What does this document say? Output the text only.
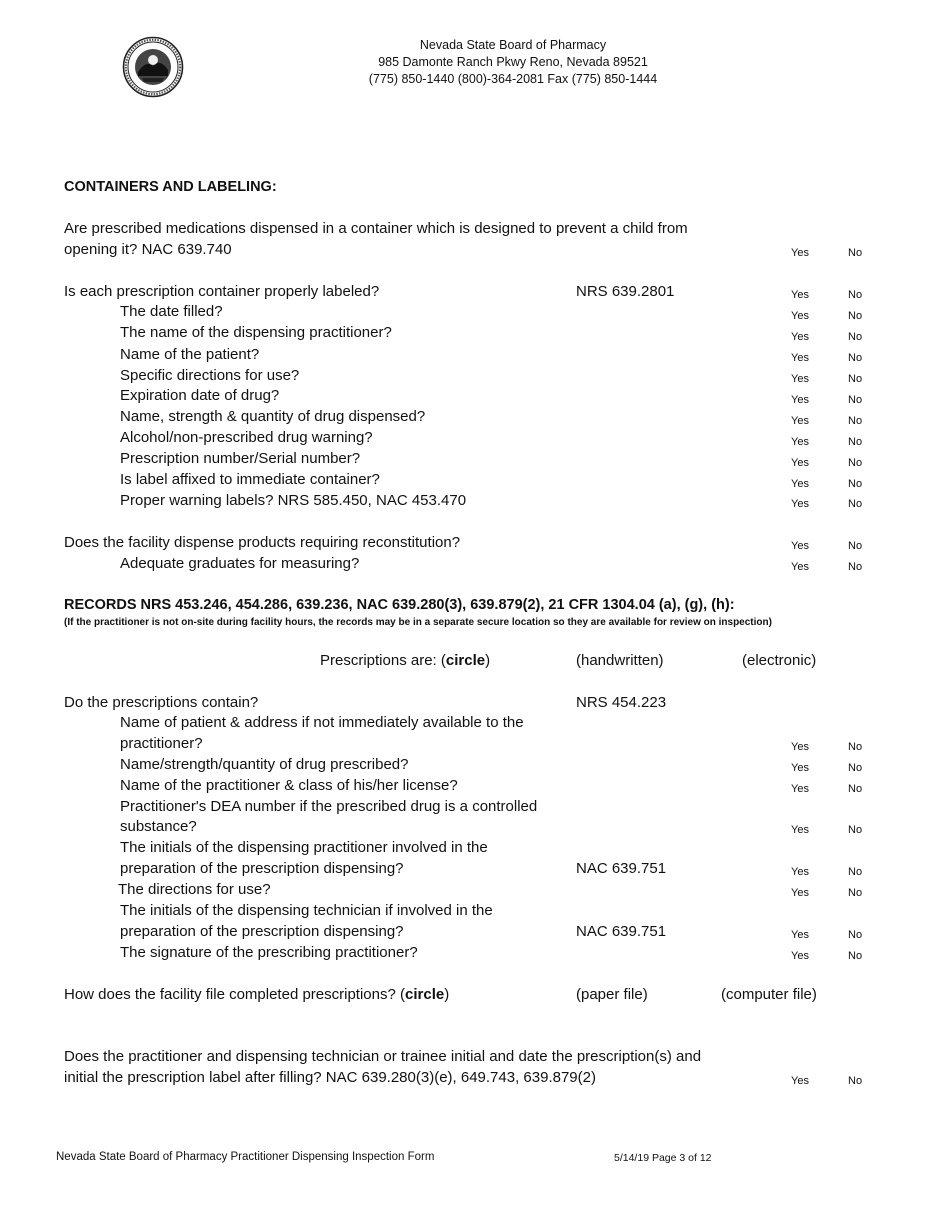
Nevada State Board of Pharmacy
985 Damonte Ranch Pkwy Reno, Nevada 89521
(775) 850-1440 (800)-364-2081 Fax (775) 850-1444
CONTAINERS AND LABELING:
Are prescribed medications dispensed in a container which is designed to prevent a child from
opening it? NAC 639.740	Yes	No
Is each prescription container properly labeled?	NRS 639.2801	Yes	No
The date filled?	Yes	No
The name of the dispensing practitioner?	Yes	No
Name of the patient?	Yes	No
Specific directions for use?	Yes	No
Expiration date of drug?	Yes	No
Name, strength & quantity of drug dispensed?	Yes	No
Alcohol/non-prescribed drug warning?	Yes	No
Prescription number/Serial number?	Yes	No
Is label affixed to immediate container?	Yes	No
Proper warning labels? NRS 585.450, NAC 453.470	Yes	No
Does the facility dispense products requiring reconstitution?	Yes	No
Adequate graduates for measuring?	Yes	No
RECORDS NRS 453.246, 454.286, 639.236, NAC 639.280(3), 639.879(2), 21 CFR 1304.04 (a), (g), (h):
(If the practitioner is not on-site during facility hours, the records may be in a separate secure location so they are available for review on inspection)
Prescriptions are: (circle)	(handwritten)	(electronic)
Do the prescriptions contain?	NRS 454.223
Name of patient & address if not immediately available to the
practitioner?	Yes	No
Name/strength/quantity of drug prescribed?	Yes	No
Name of the practitioner & class of his/her license?	Yes	No
Practitioner's DEA number if the prescribed drug is a controlled
substance?	Yes	No
The initials of the dispensing practitioner involved in the
preparation of the prescription dispensing?	NAC 639.751	Yes	No
The directions for use?	Yes	No
The initials of the dispensing technician if involved in the
preparation of the prescription dispensing?	NAC 639.751	Yes	No
The signature of the prescribing practitioner?	Yes	No
How does the facility file completed prescriptions? (circle)	(paper file)	(computer file)
Does the practitioner and dispensing technician or trainee initial and date the prescription(s) and
initial the prescription label after filling? NAC 639.280(3)(e), 649.743, 639.879(2)	Yes	No
Nevada State Board of Pharmacy Practitioner Dispensing Inspection Form	5/14/19 Page 3 of 12
